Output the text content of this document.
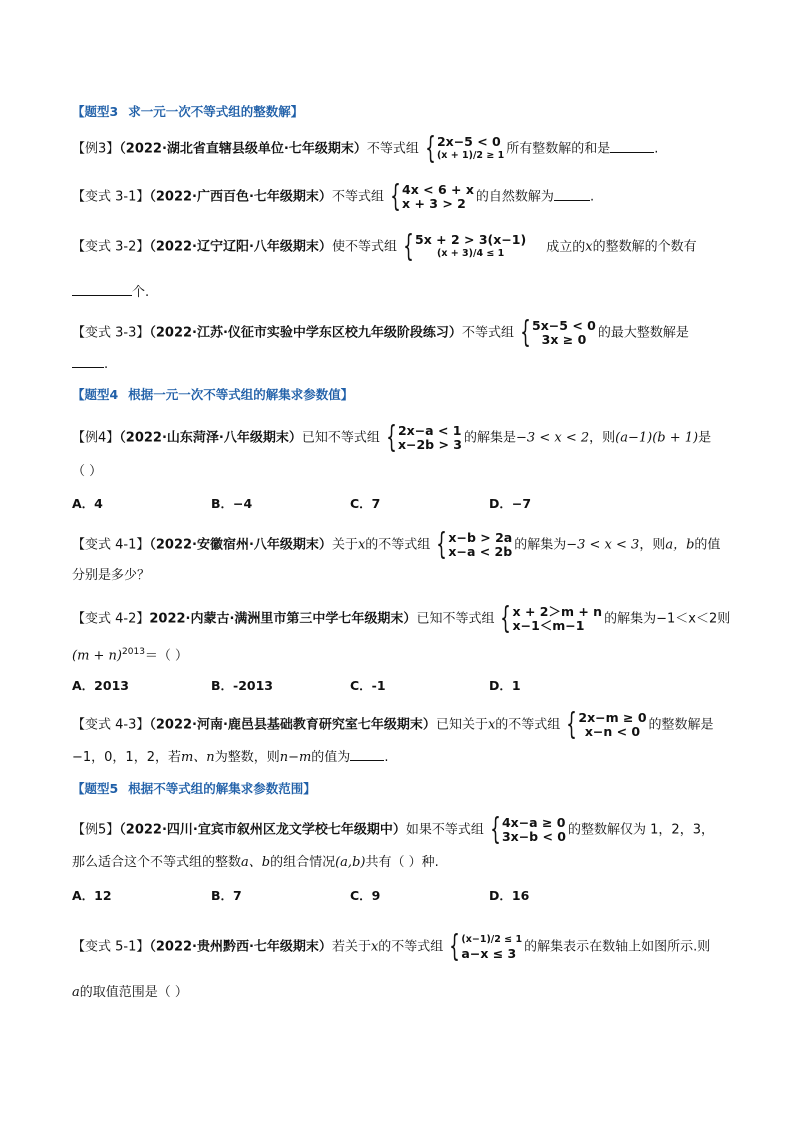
【题型3 求一元一次不等式组的整数解】
【例3】（2022·湖北省直辖县级单位·七年级期末）不等式组 { 2x−5 < 0
(x + 1)/2 ≥ 1 所有整数解的和是	.
【变式 3-1】（2022·广西百色·七年级期末）不等式组 { 4x < 6 + x
x + 3 > 2 的自然数解为	.
【变式 3-2】（2022·辽宁辽阳·八年级期末）使不等式组 { 5x + 2 > 3(x−1)
(x + 3)/4 ≤ 1	成立的x的整数解的个数有
个.
【变式 3-3】（2022·江苏·仪征市实验中学东区校九年级阶段练习）不等式组 { 5x−5 < 0
3x ≥ 0 的最大整数解是
.
【题型4 根据一元一次不等式组的解集求参数值】
【例4】（2022·山东菏泽·八年级期末）已知不等式组 { 2x−a < 1
x−2b > 3 的解集是−3 < x < 2，则(a−1)(b + 1)是
（ ）
A．4	B．−4	C．7	D．−7
【变式 4-1】（2022·安徽宿州·八年级期末）关于x的不等式组 { x−b > 2a
x−a < 2b 的解集为−3 < x < 3，则a，b的值
分别是多少？
【变式 4-2】2022·内蒙古·满洲里市第三中学七年级期末）已知不等式组 { x + 2＞m + n
x−1＜m−1	的解集为−1＜x＜2则
$(m + n)^{2013}=$（ ）
A．2013	B．-2013	C．-1	D．1
【变式 4-3】（2022·河南·鹿邑县基础教育研究室七年级期末）已知关于x的不等式组 { 2x−m ≥ 0
x−n < 0 的整数解是
−1，0，1，2，若m、n为整数，则n−m的值为	.
【题型5 根据不等式组的解集求参数范围】
【例5】（2022·四川·宜宾市叙州区龙文学校七年级期中）如果不等式组 { 4x−a ≥ 0
3x−b < 0 的整数解仅为 1，2，3，
那么适合这个不等式组的整数a、b的组合情况(a,b)共有（ ）种.
A．12	B．7	C．9	D．16
【变式 5-1】（2022·贵州黔西·七年级期末）若关于x的不等式组 { (x−1)/2 ≤ 1
a−x ≤ 3 的解集表示在数轴上如图所示.则
a的取值范围是（ ）
